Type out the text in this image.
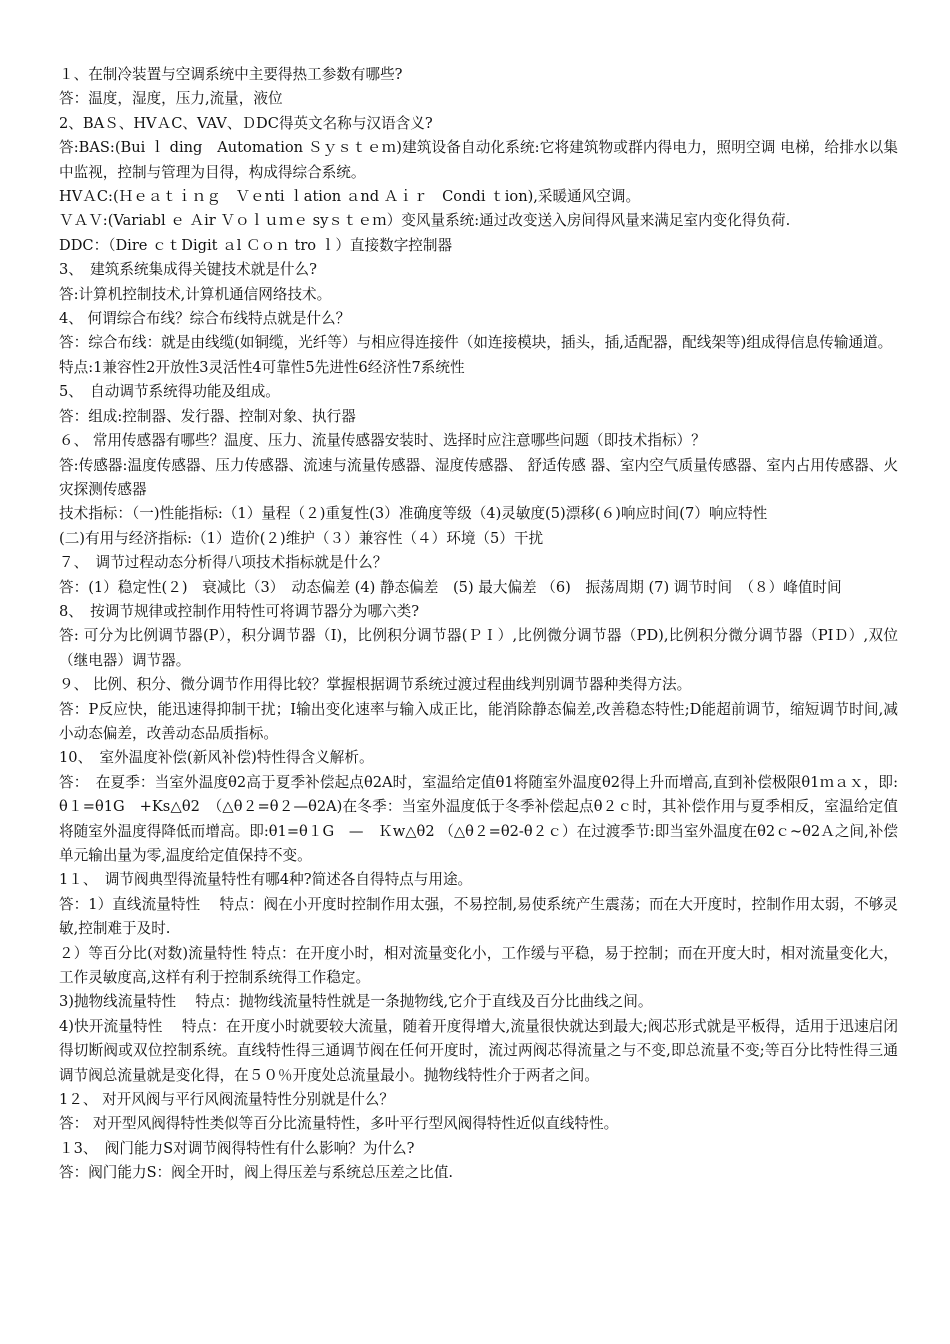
１、在制冷装置与空调系统中主要得热工参数有哪些?

答：温度，湿度，压力,流量，液位

2、BAＳ、HVＡC、VAV、ＤDC得英文名称与汉语含义?

答:BAS:(Bui ｌ ding　Automation Ｓｙｓｔｅｍ)建筑设备自动化系统:它将建筑物或群内得电力，照明空调 电梯，给排水以集中监视，控制与管理为目得，构成得综合系统。

HVＡC:(Ｈｅａｔｉｎｇ　Ｖｅnti ｌation ａnd Ａｉｒ　Condi ｔion),采暖通风空调。

ＶＡＶ:(Variabl ｅ Ａir Ｖｏｌｕｍｅ syｓｔｅｍ）变风量系统:通过改变送入房间得风量来满足室内变化得负荷.

DDC：（Dire ｃｔDigit ａl Ｃｏｎ tro ｌ）直接数字控制器

3、　建筑系统集成得关键技术就是什么?

答:计算机控制技术,计算机通信网络技术。

4、 何谓综合布线？综合布线特点就是什么？

答：综合布线：就是由线缆(如铜缆，光纤等）与相应得连接件（如连接模块，插头，插,适配器，配线架等)组成得信息传输通道。

特点:1兼容性2开放性3灵活性4可靠性5先进性6经济性7系统性

5、　自动调节系统得功能及组成。

答：组成:控制器、发行器、控制对象、执行器

６、 常用传感器有哪些？温度、压力、流量传感器安装时、选择时应注意哪些问题（即技术指标）？

答:传感器:温度传感器、压力传感器、流速与流量传感器、湿度传感器、 舒适传感 器、室内空气质量传感器、室内占用传感器、火灾探测传感器

技术指标：（一)性能指标:（1）量程（２)重复性(3）准确度等级（4)灵敏度(5)漂移(６)响应时间(7）响应特性

(二)有用与经济指标:（1）造价(２)维护（３）兼容性（４）环境（5）干扰

７、　调节过程动态分析得八项技术指标就是什么？

答：(1）稳定性(２)　衰减比（3）　动态偏差 (4) 静态偏差　(5) 最大偏差 （6)　振荡周期 (7) 调节时间　（８）峰值时间

8、　按调节规律或控制作用特性可将调节器分为哪六类?

答: 可分为比例调节器(P），积分调节器（I)，比例积分调节器(ＰＩ）,比例微分调节器（PD),比例积分微分调节器（PIＤ）,双位（继电器）调节器。

９、 比例、积分、微分调节作用得比较？掌握根据调节系统过渡过程曲线判别调节器种类得方法。

答：P反应快，能迅速得抑制干扰；I输出变化速率与输入成正比，能消除静态偏差,改善稳态特性;D能超前调节，缩短调节时间,减小动态偏差，改善动态品质指标。

10、　室外温度补偿(新风补偿)特性得含义解析。

答：　在夏季：当室外温度θ2高于夏季补偿起点θ2A时，室温给定值θ1将随室外温度θ2得上升而增高,直到补偿极限θ1ｍａｘ，即:θ１=θ1G　+Ks△θ2　（△θ２=θ２—θ2A)在冬季：当室外温度低于冬季补偿起点θ２ｃ时，其补偿作用与夏季相反，室温给定值将随室外温度得降低而增高。即:θ1=θ１G　—　Ｋw△θ2 （△θ２=θ2-θ２ｃ）在过渡季节:即当室外温度在θ2ｃ~θ2Ａ之间,补偿单元输出量为零,温度给定值保持不变。

1１、　调节阀典型得流量特性有哪4种?简述各自得特点与用途。

答：1）直线流量特性　 特点：阀在小开度时控制作用太强，不易控制,易使系统产生震荡；而在大开度时，控制作用太弱，不够灵敏,控制难于及时.

２）等百分比(对数)流量特性 特点：在开度小时，相对流量变化小，工作缓与平稳，易于控制；而在开度大时，相对流量变化大，工作灵敏度高,这样有利于控制系统得工作稳定。

3)抛物线流量特性　 特点：抛物线流量特性就是一条抛物线,它介于直线及百分比曲线之间。

4)快开流量特性　 特点：在开度小时就要较大流量，随着开度得增大,流量很快就达到最大;阀芯形式就是平板得，适用于迅速启闭得切断阀或双位控制系统。直线特性得三通调节阀在任何开度时，流过两阀芯得流量之与不变,即总流量不变;等百分比特性得三通调节阀总流量就是变化得，在５０％开度处总流量最小。抛物线特性介于两者之间。

1２、 对开风阀与平行风阀流量特性分别就是什么？

答： 对开型风阀得特性类似等百分比流量特性，多叶平行型风阀得特性近似直线特性。

１3、　阀门能力S对调节阀得特性有什么影响？为什么?

答：阀门能力S：阀全开时，阀上得压差与系统总压差之比值.
